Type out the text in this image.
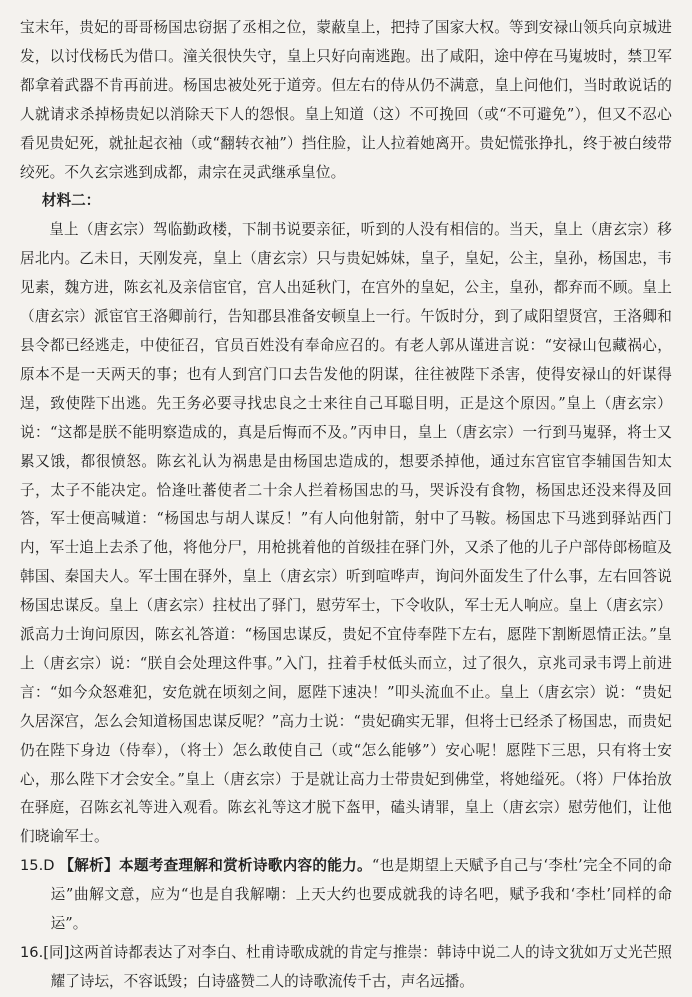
宝末年，贵妃的哥哥杨国忠窃据了丞相之位，蒙蔽皇上，把持了国家大权。等到安禄山领兵向京城进发，以讨伐杨氏为借口。潼关很快失守，皇上只好向南逃跑。出了咸阳，途中停在马嵬坡时，禁卫军都拿着武器不肯再前进。杨国忠被处死于道旁。但左右的侍从仍不满意，皇上问他们，当时敢说话的人就请求杀掉杨贵妃以消除天下人的怨恨。皇上知道（这）不可挽回（或“不可避免”），但又不忍心看见贵妃死，就扯起衣袖（或“翻转衣袖”）挡住脸，让人拉着她离开。贵妃慌张挣扎，终于被白绫带绞死。不久玄宗逃到成都，肃宗在灵武继承皇位。

材料二：

皇上（唐玄宗）驾临勤政楼，下制书说要亲征，听到的人没有相信的。当天，皇上（唐玄宗）移居北内。乙未日，天刚发亮，皇上（唐玄宗）只与贵妃姊妹，皇子，皇妃，公主，皇孙，杨国忠，韦见素，魏方进，陈玄礼及亲信宦官，宫人出延秋门，在宫外的皇妃，公主，皇孙，都弃而不顾。皇上（唐玄宗）派宦官王洛卿前行，告知郡县准备安顿皇上一行。午饭时分，到了咸阳望贤宫，王洛卿和县令都已经逃走，中使征召，官员百姓没有奉命应召的。有老人郭从谨进言说：“安禄山包藏祸心，原本不是一天两天的事；也有人到宫门口去告发他的阴谋，往往被陛下杀害，使得安禄山的奸谋得逞，致使陛下出逃。先王务必要寻找忠良之士来往自己耳聪目明，正是这个原因。”皇上（唐玄宗）说：“这都是朕不能明察造成的，真是后悔而不及。”丙申日，皇上（唐玄宗）一行到马嵬驿，将士又累又饿，都很愤怒。陈玄礼认为祸患是由杨国忠造成的，想要杀掉他，通过东宫宦官李辅国告知太子，太子不能决定。恰逢吐蕃使者二十余人拦着杨国忠的马，哭诉没有食物，杨国忠还没来得及回答，军士便高喊道：“杨国忠与胡人谋反！”有人向他射箭，射中了马鞍。杨国忠下马逃到驿站西门内，军士追上去杀了他，将他分尸，用枪挑着他的首级挂在驿门外，又杀了他的儿子户部侍郎杨暄及韩国、秦国夫人。军士围在驿外，皇上（唐玄宗）听到喧哗声，询问外面发生了什么事，左右回答说杨国忠谋反。皇上（唐玄宗）拄杖出了驿门，慰劳军士，下令收队，军士无人响应。皇上（唐玄宗）派高力士询问原因，陈玄礼答道：“杨国忠谋反，贵妃不宜侍奉陛下左右，愿陛下割断恩情正法。”皇上（唐玄宗）说：“朕自会处理这件事。”入门，拄着手杖低头而立，过了很久，京兆司录韦谔上前进言：“如今众怒难犯，安危就在顷刻之间，愿陛下速决！”叩头流血不止。皇上（唐玄宗）说：“贵妃久居深宫，怎么会知道杨国忠谋反呢？”高力士说：“贵妃确实无罪，但将士已经杀了杨国忠，而贵妃仍在陛下身边（侍奉），（将士）怎么敢使自己（或“怎么能够”）安心呢！愿陛下三思，只有将士安心，那么陛下才会安全。”皇上（唐玄宗）于是就让高力士带贵妃到佛堂，将她缢死。（将）尸体抬放在驿庭，召陈玄礼等进入观看。陈玄礼等这才脱下盔甲，磕头请罪，皇上（唐玄宗）慰劳他们，让他们晓谕军士。

15.D 【解析】本题考查理解和赏析诗歌内容的能力。“也是期望上天赋予自己与‘李杜’完全不同的命运”曲解文意，应为“也是自我解嘲：上天大约也要成就我的诗名吧，赋予我和‘李杜’同样的命运”。

16.[同]这两首诗都表达了对李白、杜甫诗歌成就的肯定与推崇：韩诗中说二人的诗文犹如万丈光芒照耀了诗坛，不容诋毁；白诗盛赞二人的诗歌流传千古，声名远播。
